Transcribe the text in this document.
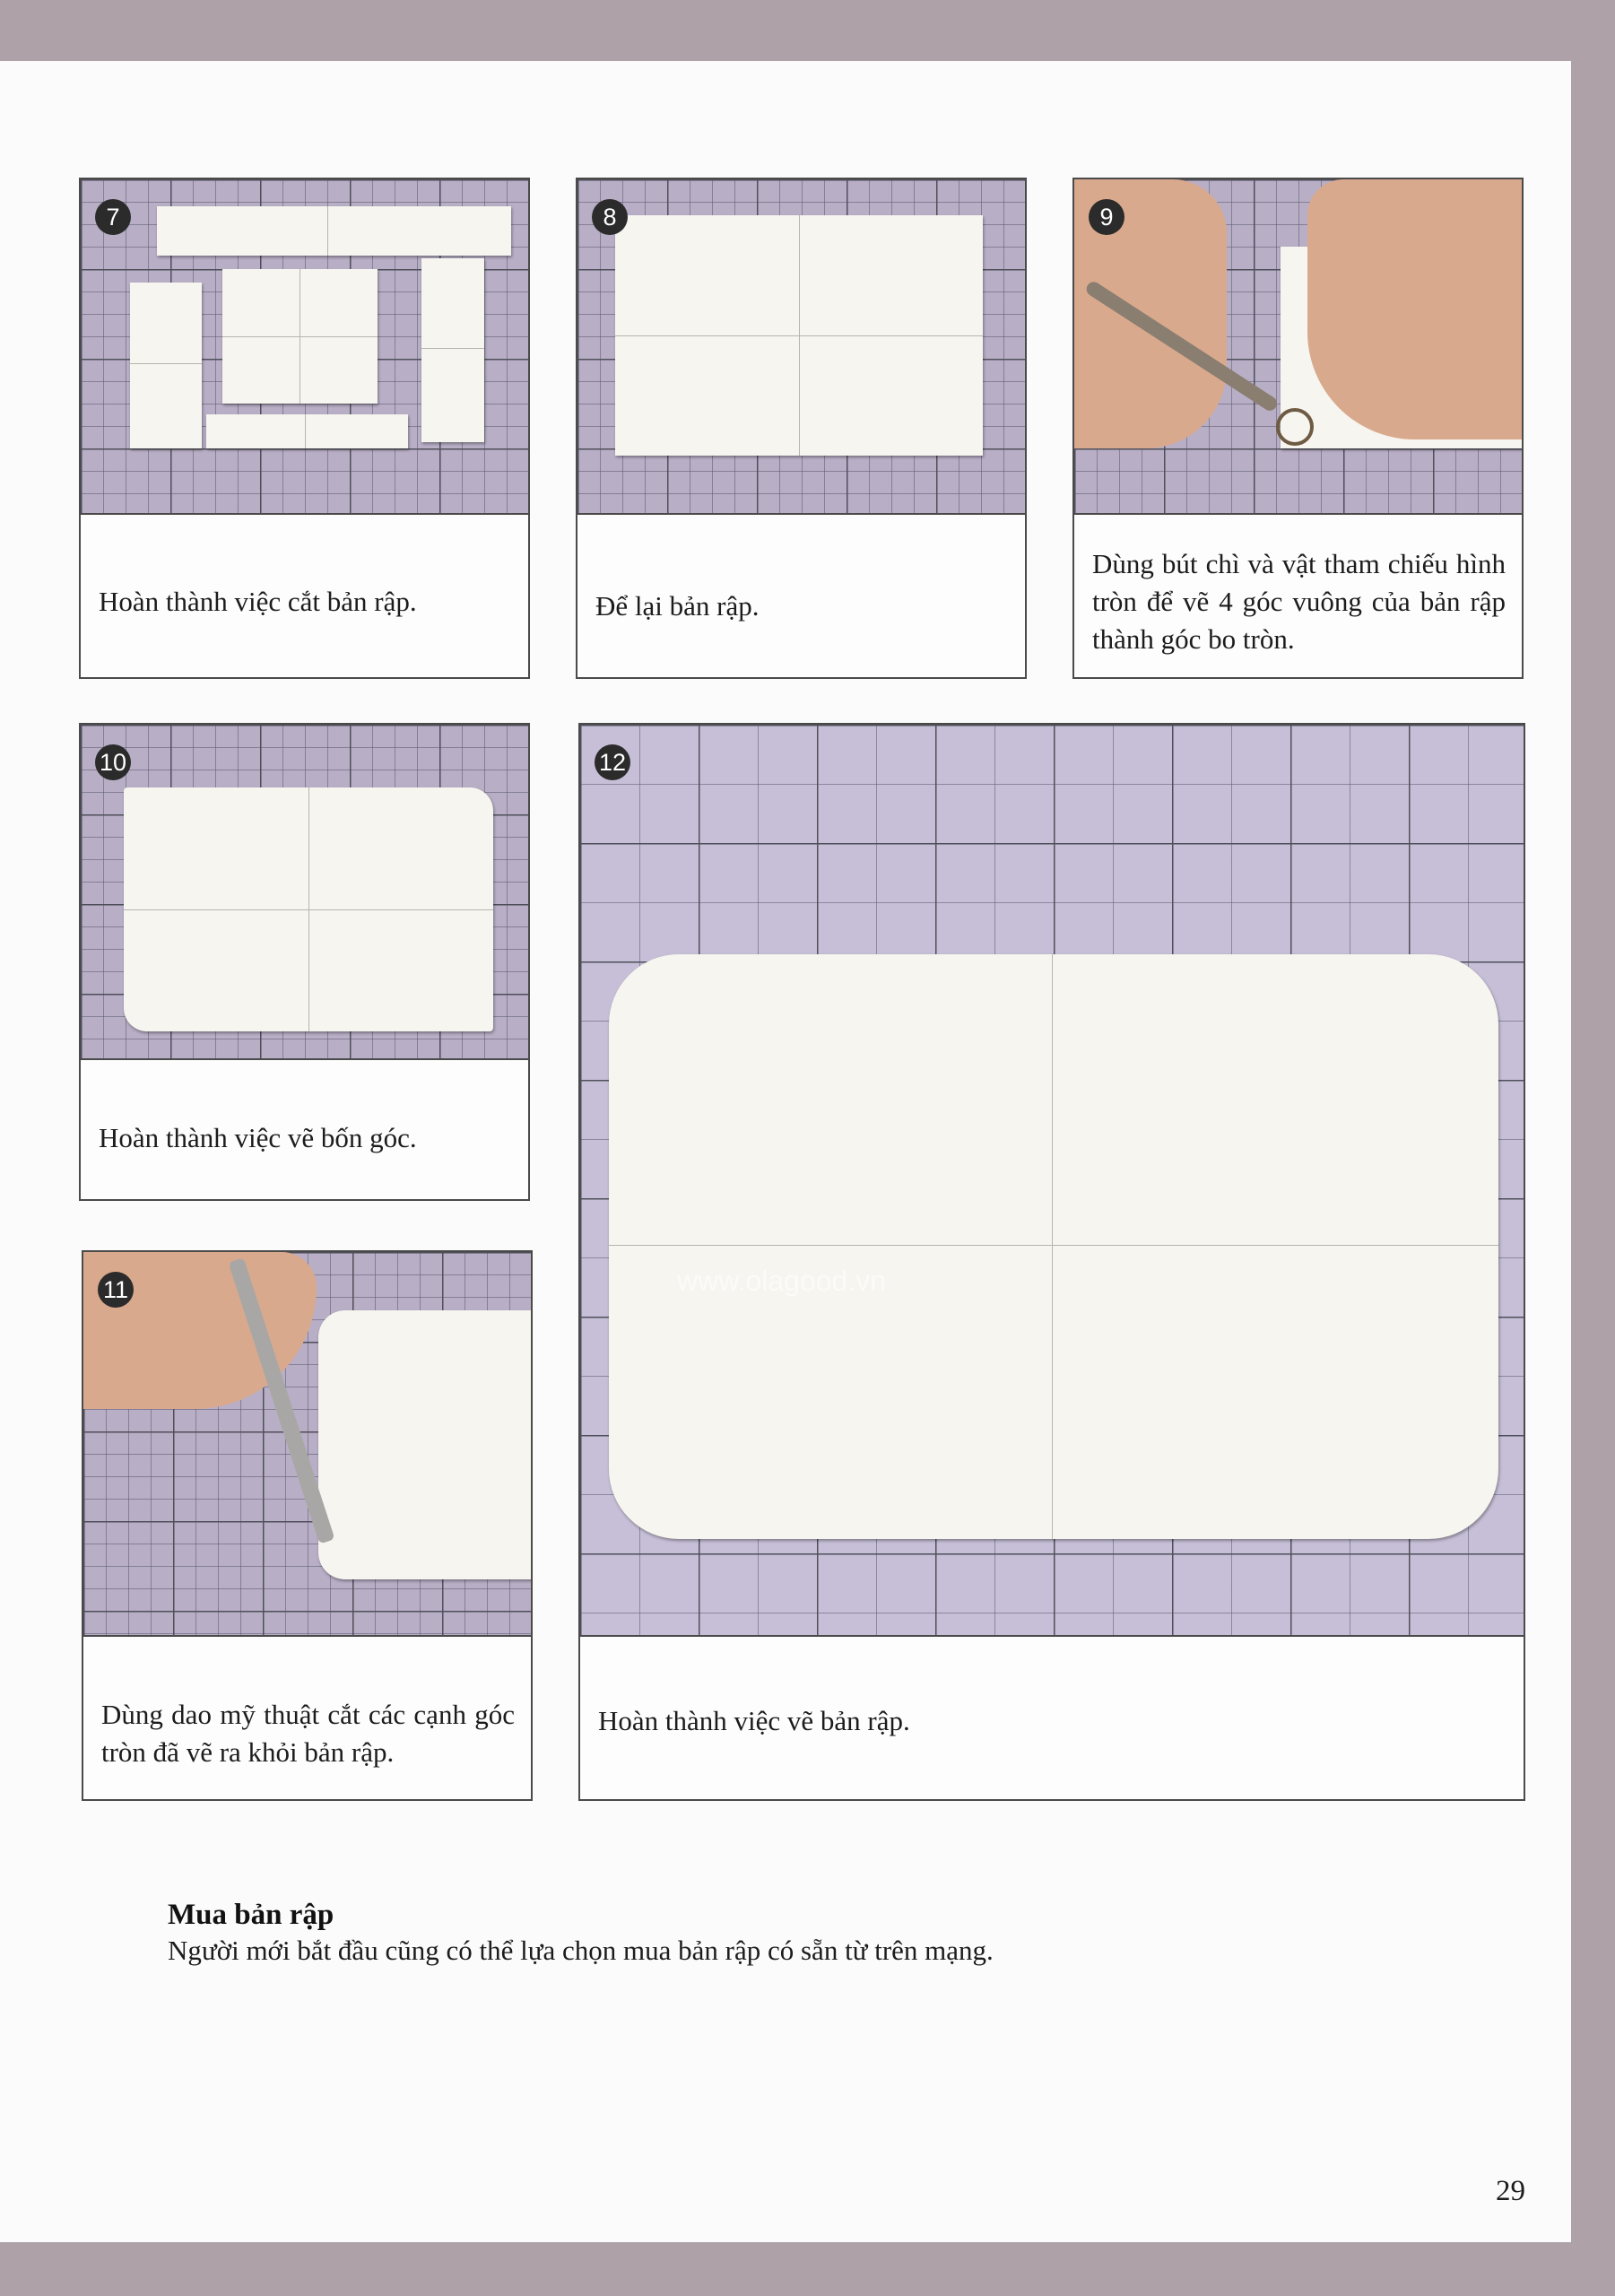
7
Hoàn thành việc cắt bản rập.
8
Để lại bản rập.
9
Dùng bút chì và vật tham chiếu hình tròn để vẽ 4 góc vuông của bản rập thành góc bo tròn.
10
Hoàn thành việc vẽ bốn góc.
11
Dùng dao mỹ thuật cắt các cạnh góc tròn đã vẽ ra khỏi bản rập.
12
Hoàn thành việc vẽ bản rập.
www.olagood.vn
Mua bản rập
Người mới bắt đầu cũng có thể lựa chọn mua bản rập có sẵn từ trên mạng.
29
